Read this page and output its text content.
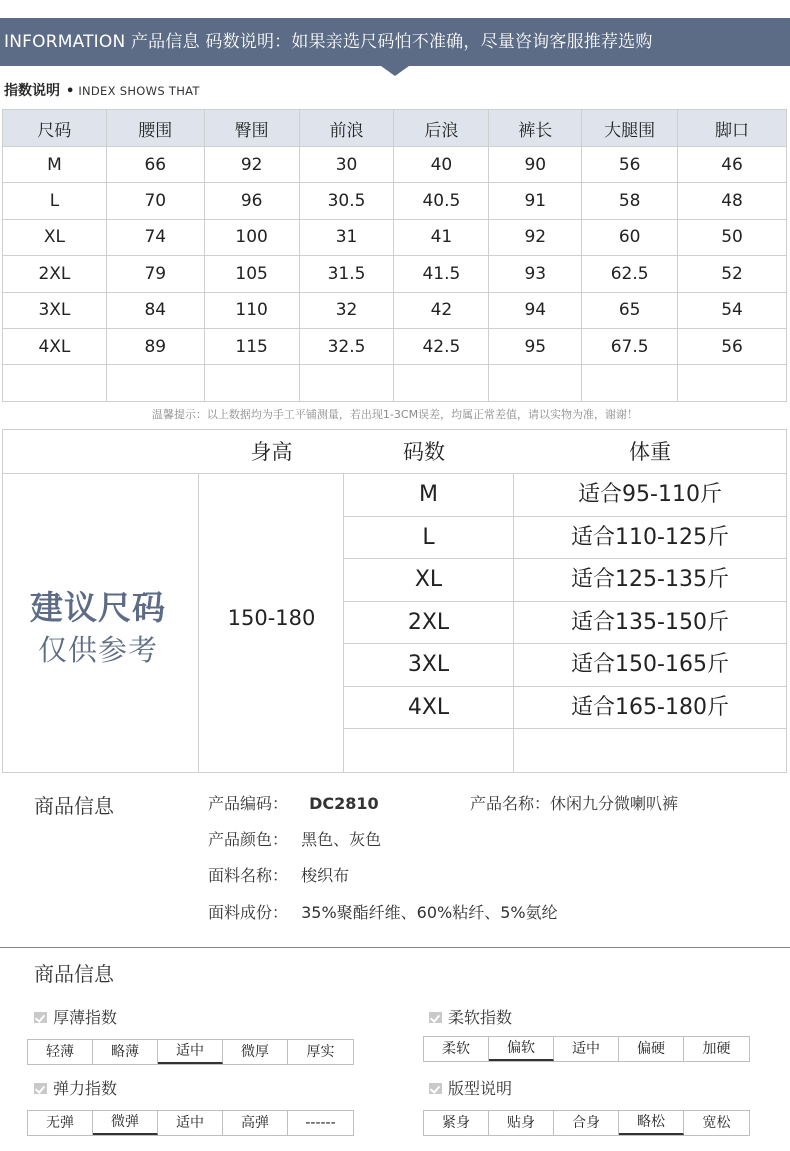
INFORMATION 产品信息 码数说明：如果亲选尺码怕不准确，尽量咨询客服推荐选购
指数说明 • INDEX SHOWS THAT
尺码	腰围	臀围	前浪	后浪	裤长	大腿围	脚口
M	66	92	30	40	90	56	46
L	70	96	30.5	40.5	91	58	48
XL	74	100	31	41	92	60	50
2XL	79	105	31.5	41.5	93	62.5	52
3XL	84	110	32	42	94	65	54
4XL	89	115	32.5	42.5	95	67.5	56

温馨提示：以上数据均为手工平铺测量，若出现1-3CM误差，均属正常差值，请以实物为准，谢谢！
身高	码数	体重
建议尺码
仅供参考
150-180
M	适合95-110斤
L	适合110-125斤
XL	适合125-135斤
2XL	适合135-150斤
3XL	适合150-165斤
4XL	适合165-180斤
商品信息	产品编码： DC2810	产品名称：休闲九分微喇叭裤
产品颜色： 黑色、灰色
面料名称： 梭织布
面料成份： 35%聚酯纤维、60%粘纤、5%氨纶
商品信息
厚薄指数
轻薄	略薄	适中	微厚	厚实
柔软指数
柔软	偏软	适中	偏硬	加硬
弹力指数
无弹	微弹	适中	高弹	------
版型说明
紧身	贴身	合身	略松	宽松
